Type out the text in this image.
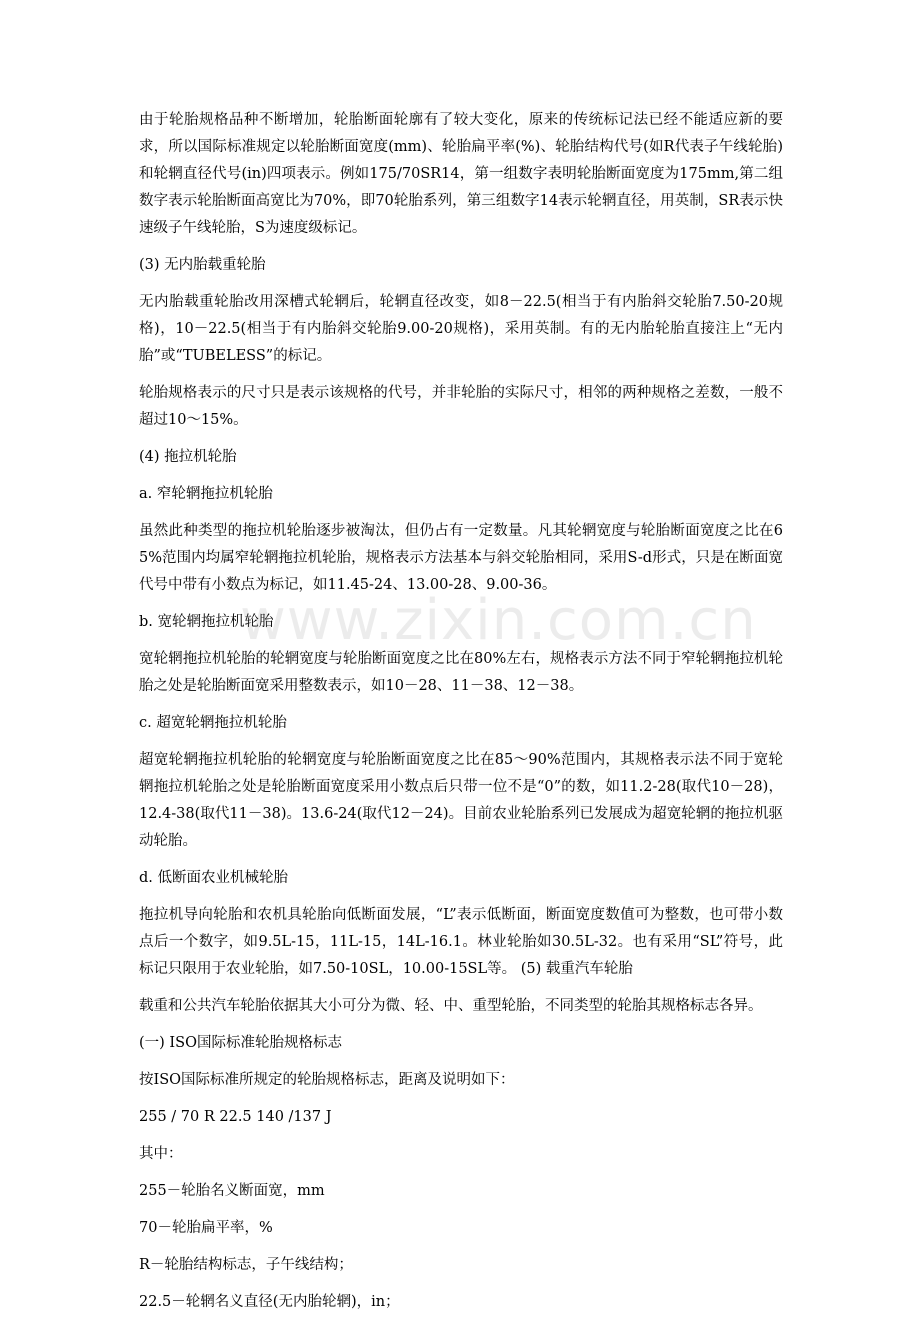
由于轮胎规格品种不断增加，轮胎断面轮廓有了较大变化，原来的传统标记法已经不能适应新的要求，所以国际标准规定以轮胎断面宽度(mm)、轮胎扁平率(%)、轮胎结构代号(如R代表子午线轮胎)和轮辋直径代号(in)四项表示。例如175/70SR14，第一组数字表明轮胎断面宽度为175mm,第二组数字表示轮胎断面高宽比为70%，即70轮胎系列，第三组数字14表示轮辋直径，用英制，SR表示快速级子午线轮胎，S为速度级标记。

(3) 无内胎载重轮胎

无内胎载重轮胎改用深槽式轮辋后，轮辋直径改变，如8－22.5(相当于有内胎斜交轮胎7.50-20规格)，10－22.5(相当于有内胎斜交轮胎9.00-20规格)，采用英制。有的无内胎轮胎直接注上“无内胎”或“TUBELESS”的标记。

轮胎规格表示的尺寸只是表示该规格的代号，并非轮胎的实际尺寸，相邻的两种规格之差数，一般不超过10～15%。

(4) 拖拉机轮胎

a. 窄轮辋拖拉机轮胎

虽然此种类型的拖拉机轮胎逐步被淘汰，但仍占有一定数量。凡其轮辋宽度与轮胎断面宽度之比在65%范围内均属窄轮辋拖拉机轮胎，规格表示方法基本与斜交轮胎相同，采用S-d形式，只是在断面宽代号中带有小数点为标记，如11.45-24、13.00-28、9.00-36。

b. 宽轮辋拖拉机轮胎

宽轮辋拖拉机轮胎的轮辋宽度与轮胎断面宽度之比在80%左右，规格表示方法不同于窄轮辋拖拉机轮胎之处是轮胎断面宽采用整数表示，如10－28、11－38、12－38。

c. 超宽轮辋拖拉机轮胎

超宽轮辋拖拉机轮胎的轮辋宽度与轮胎断面宽度之比在85～90%范围内，其规格表示法不同于宽轮辋拖拉机轮胎之处是轮胎断面宽度采用小数点后只带一位不是“0”的数，如11.2-28(取代10－28)，12.4-38(取代11－38)。13.6-24(取代12－24)。目前农业轮胎系列已发展成为超宽轮辋的拖拉机驱动轮胎。

d. 低断面农业机械轮胎

拖拉机导向轮胎和农机具轮胎向低断面发展，“L”表示低断面，断面宽度数值可为整数，也可带小数点后一个数字，如9.5L-15，11L-15，14L-16.1。林业轮胎如30.5L-32。也有采用“SL”符号，此标记只限用于农业轮胎，如7.50-10SL，10.00-15SL等。 (5) 载重汽车轮胎

载重和公共汽车轮胎依据其大小可分为微、轻、中、重型轮胎，不同类型的轮胎其规格标志各异。

(一) ISO国际标准轮胎规格标志

按ISO国际标准所规定的轮胎规格标志，距离及说明如下：

255 / 70 R 22.5 140 /137 J

其中：

255－轮胎名义断面宽，mm

70－轮胎扁平率，%

R－轮胎结构标志，子午线结构；

22.5－轮辋名义直径(无内胎轮辋)，in；

www.zixin.com.cn
